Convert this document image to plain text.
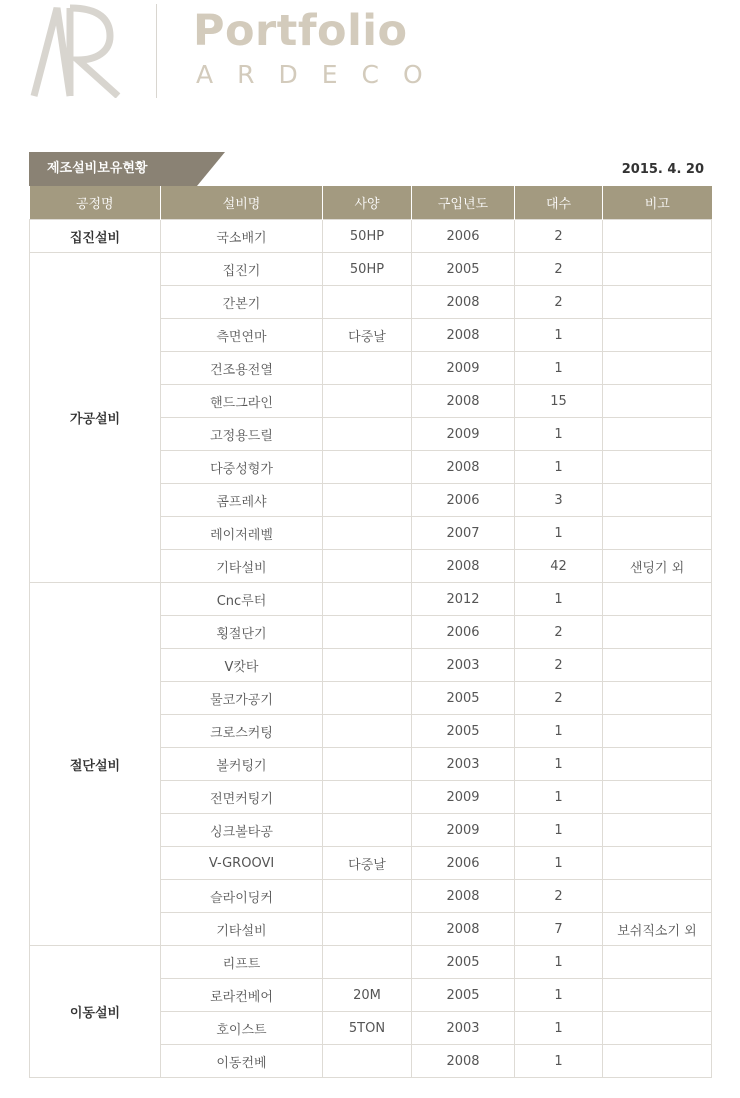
Portfolio
ARDECO
제조설비보유현황	2015. 4. 20
공정명	설비명	사양	구입년도	대수	비고
집진설비	국소배기	50HP	2006	2	
가공설비	집진기	50HP	2005	2	
	간본기		2008	2	
	측면연마	다중날	2008	1	
	건조용전열		2009	1	
	핸드그라인		2008	15	
	고정용드릴		2009	1	
	다중성형가		2008	1	
	콤프레샤		2006	3	
	레이저레벨		2007	1	
	기타설비		2008	42	샌딩기 외
절단설비	Cnc루터		2012	1	
	횡절단기		2006	2	
	V캇타		2003	2	
	물코가공기		2005	2	
	크로스커팅		2005	1	
	볼커팅기		2003	1	
	전면커팅기		2009	1	
	싱크볼타공		2009	1	
	V-GROOVI	다중날	2006	1	
	슬라이딩커		2008	2	
	기타설비		2008	7	보쉬직소기 외
이동설비	리프트		2005	1	
	로라컨베어	20M	2005	1	
	호이스트	5TON	2003	1	
	이동컨베		2008	1	
